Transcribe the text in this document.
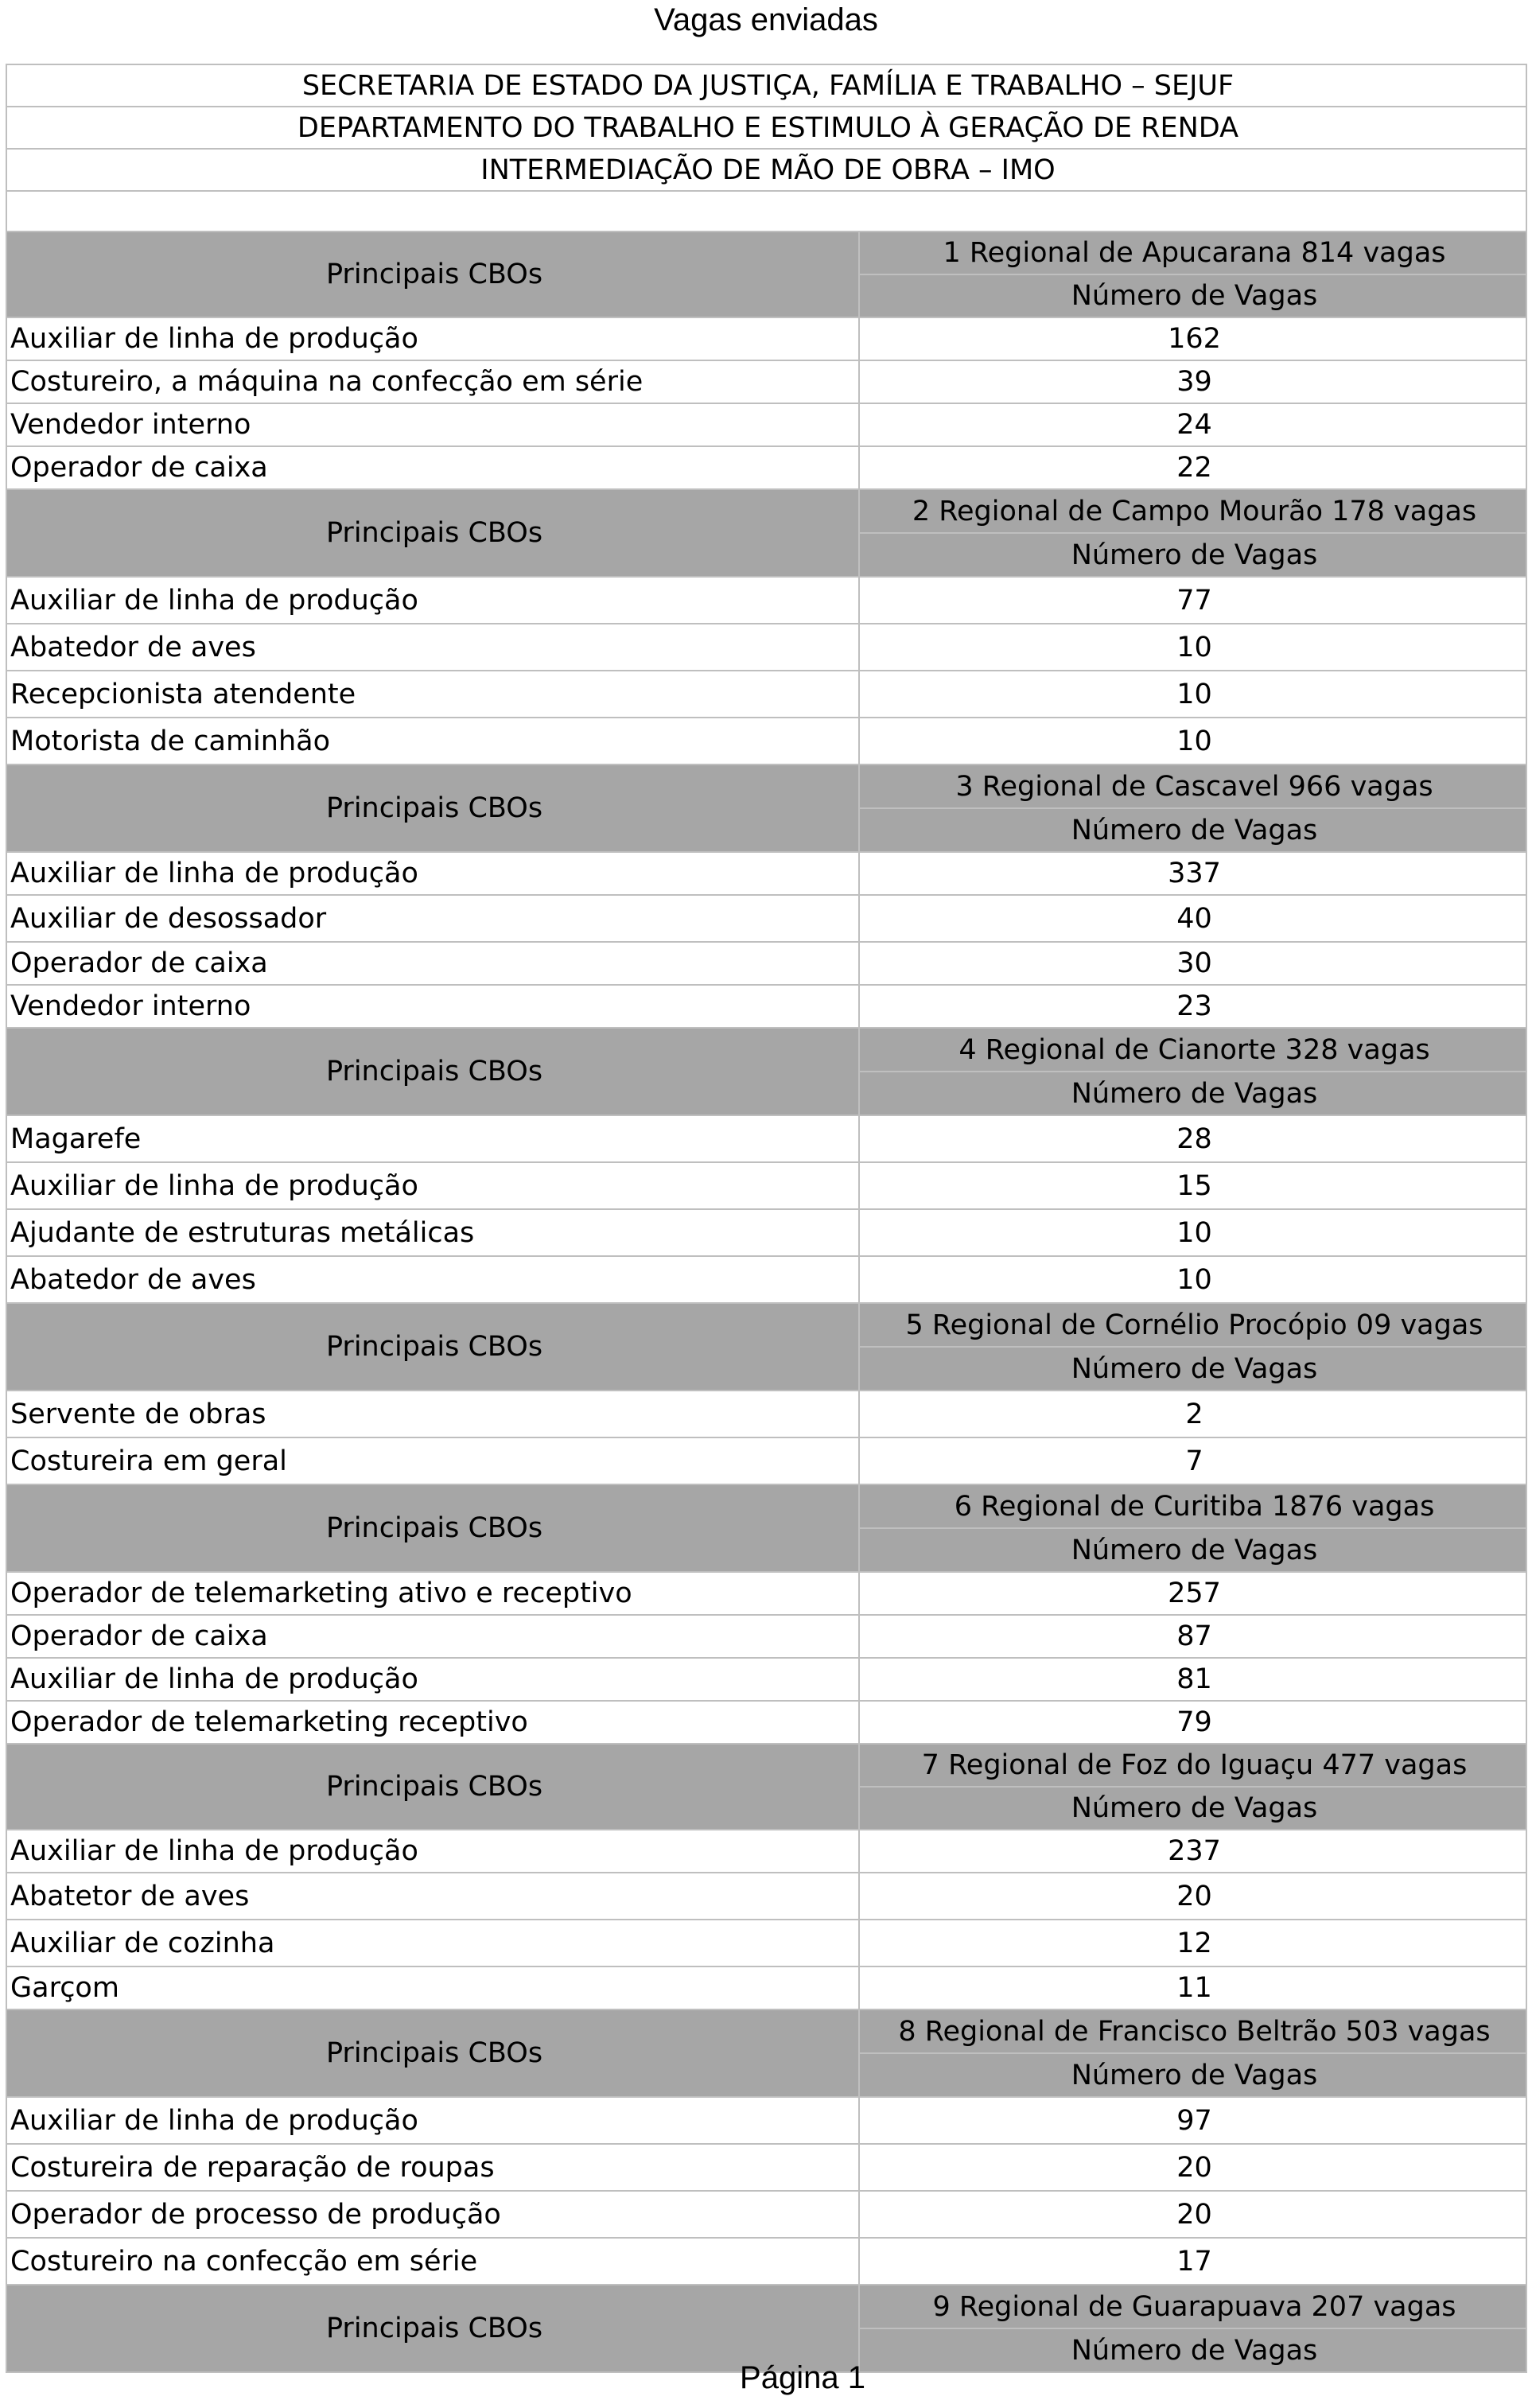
Vagas enviadas
SECRETARIA DE ESTADO DA JUSTIÇA, FAMÍLIA E TRABALHO – SEJUF	
DEPARTAMENTO DO TRABALHO E ESTIMULO À GERAÇÃO DE RENDA	
INTERMEDIAÇÃO DE MÃO DE OBRA – IMO	

Principais CBOs	1 Regional de Apucarana 814 vagas
	Número de Vagas
Auxiliar de linha de produção	162
Costureiro, a máquina na confecção em série	39
Vendedor interno	24
Operador de caixa	22
Principais CBOs	2 Regional de Campo Mourão 178 vagas
	Número de Vagas
Auxiliar de linha de produção	77
Abatedor de aves	10
Recepcionista atendente	10
Motorista de caminhão	10
Principais CBOs	3 Regional de Cascavel 966 vagas
	Número de Vagas
Auxiliar de linha de produção	337
Auxiliar de desossador	40
Operador de caixa	30
Vendedor interno	23
Principais CBOs	4 Regional de Cianorte 328 vagas
	Número de Vagas
Magarefe	28
Auxiliar de linha de produção	15
Ajudante de estruturas metálicas	10
Abatedor de aves	10
Principais CBOs	5 Regional de Cornélio Procópio 09 vagas
	Número de Vagas
Servente de obras	2
Costureira em geral	7
Principais CBOs	6 Regional de Curitiba 1876 vagas
	Número de Vagas
Operador de telemarketing ativo e receptivo	257
Operador de caixa	87
Auxiliar de linha de produção	81
Operador de telemarketing receptivo	79
Principais CBOs	7 Regional de Foz do Iguaçu 477 vagas
	Número de Vagas
Auxiliar de linha de produção	237
Abatetor de aves	20
Auxiliar de cozinha	12
Garçom	11
Principais CBOs	8 Regional de Francisco Beltrão 503 vagas
	Número de Vagas
Auxiliar de linha de produção	97
Costureira de reparação de roupas	20
Operador de processo de produção	20
Costureiro na confecção em série	17
Principais CBOs	9 Regional de Guarapuava 207 vagas
	Número de Vagas
Página 1
